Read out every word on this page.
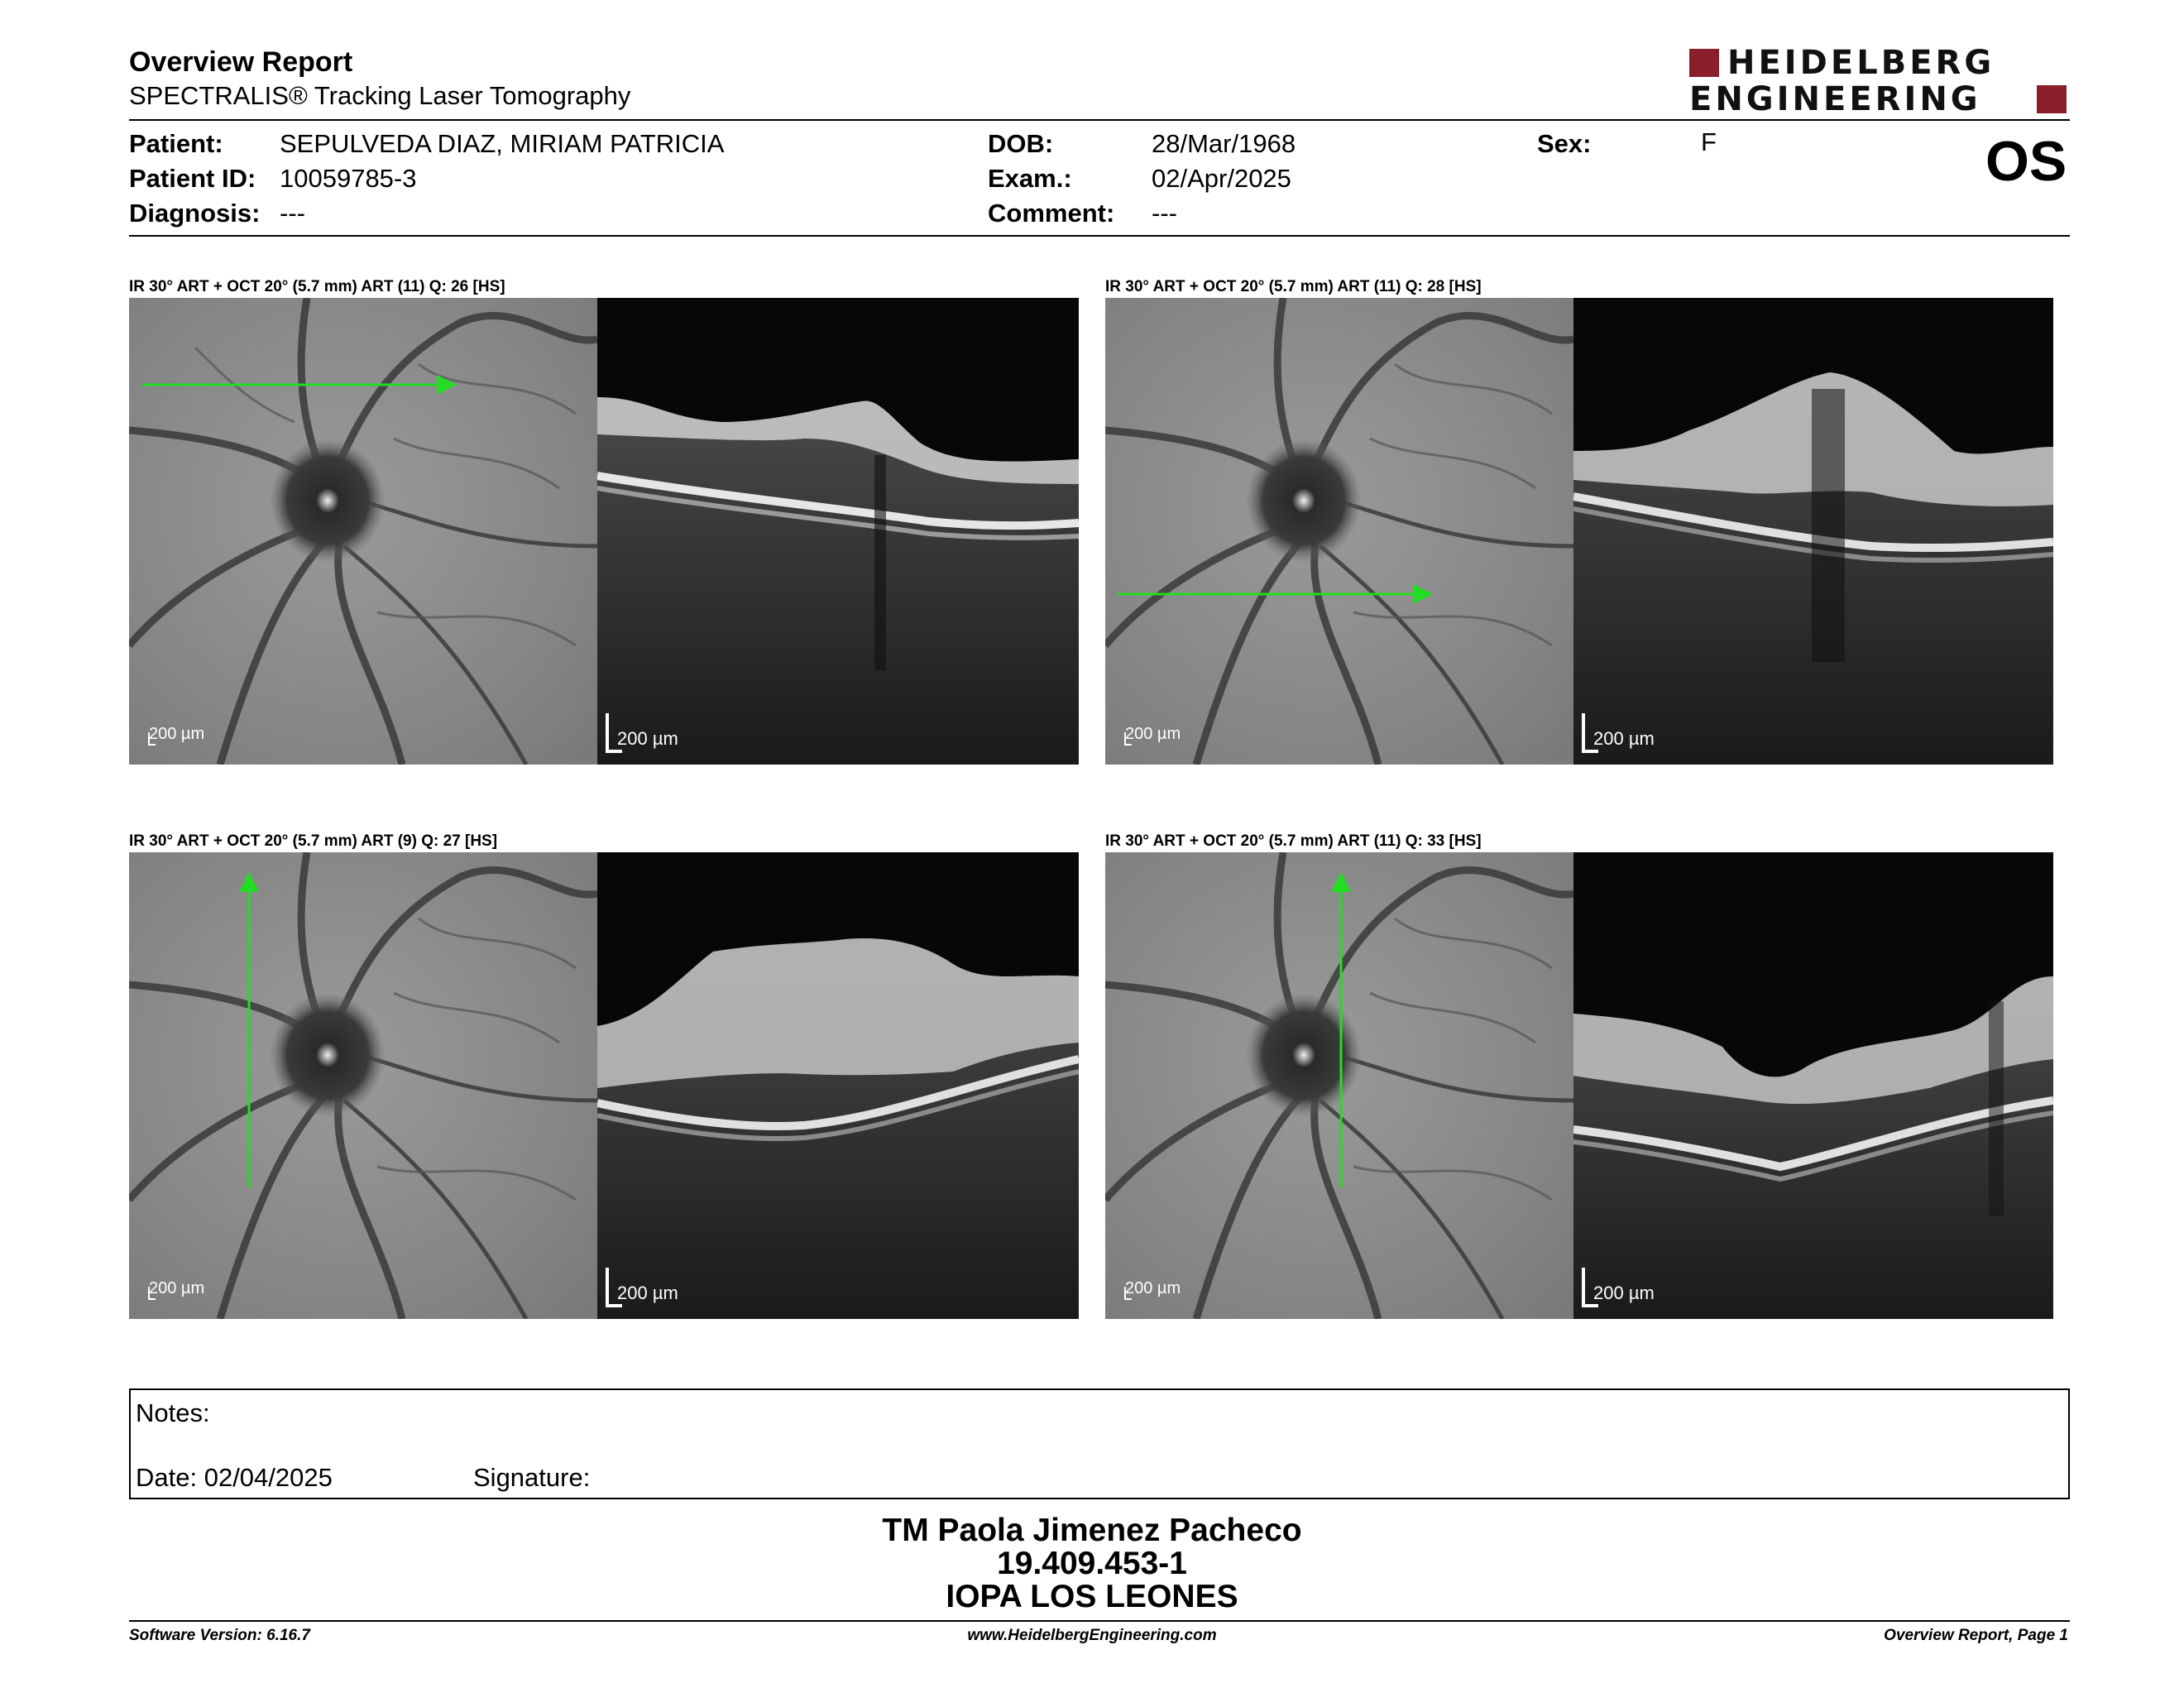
Overview Report
SPECTRALIS® Tracking Laser Tomography
HEIDELBERG
ENGINEERING
Patient: SEPULVEDA DIAZ, MIRIAM PATRICIA
Patient ID: 10059785-3
Diagnosis: ---
DOB:	28/Mar/1968
Exam.:	02/Apr/2025
Comment: ---
Sex:	F	OS
IR 30° ART + OCT 20° (5.7 mm) ART (11) Q: 26 [HS]
200 µm	200 µm
IR 30° ART + OCT 20° (5.7 mm) ART (11) Q: 28 [HS]
200 µm	200 µm
IR 30° ART + OCT 20° (5.7 mm) ART (9) Q: 27 [HS]
200 µm	200 µm
IR 30° ART + OCT 20° (5.7 mm) ART (11) Q: 33 [HS]
200 µm	200 µm
Notes:
Date: 02/04/2025	Signature:
TM Paola Jimenez Pacheco
19.409.453-1
IOPA LOS LEONES
Software Version: 6.16.7	www.HeidelbergEngineering.com	Overview Report, Page 1
